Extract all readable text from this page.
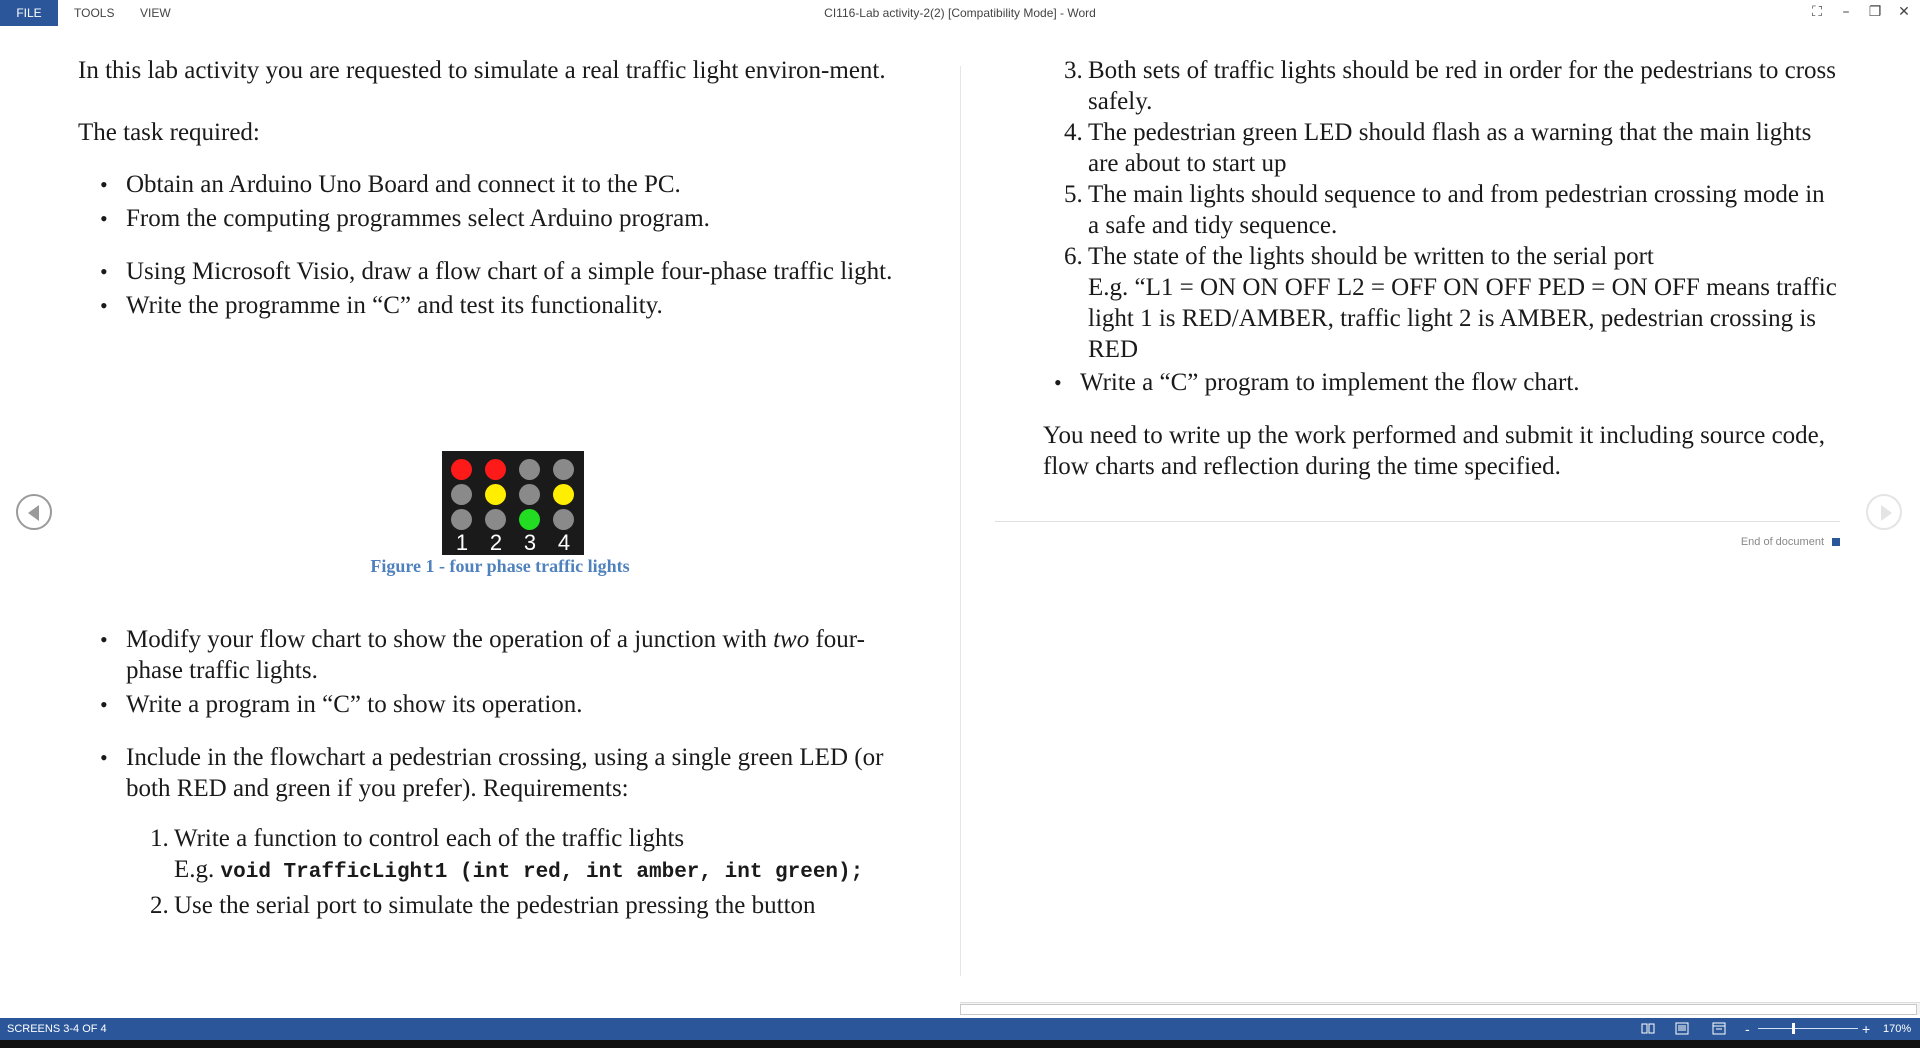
CI116-Lab activity-2(2) [Compatibility Mode] - Word
FILE	TOOLS VIEW	⛶	–	❐	✕

In this lab activity you are requested to simulate a real traffic light environ-ment.

The task required:

• Obtain an Arduino Uno Board and connect it to the PC.
• From the computing programmes select Arduino program.
• Using Microsoft Visio, draw a flow chart of a simple four-phase traffic light.
• Write the programme in “C” and test its functionality.
1 2 3 4
Figure 1 - four phase traffic lights
• Modify your flow chart to show the operation of a junction with two four-phase traffic lights.
• Write a program in “C” to show its operation.
• Include in the flowchart a pedestrian crossing, using a single green LED (or both RED and green if you prefer). Requirements:
1. Write a function to control each of the traffic lights
E.g. void TrafficLight1 (int red, int amber, int green);
2. Use the serial port to simulate the pedestrian pressing the button
3. Both sets of traffic lights should be red in order for the pedestrians to cross safely.
4. The pedestrian green LED should flash as a warning that the main lights are about to start up
5. The main lights should sequence to and from pedestrian crossing mode in a safe and tidy sequence.
6. The state of the lights should be written to the serial port
E.g. “L1 = ON ON OFF L2 = OFF ON OFF PED = ON OFF means traffic light 1 is RED/AMBER, traffic light 2 is AMBER, pedestrian crossing is RED
• Write a “C” program to implement the flow chart.

You need to write up the work performed and submit it including source code, flow charts and reflection during the time specified.

End of document
SCREENS 3-4 OF 4	-	+ 170%
